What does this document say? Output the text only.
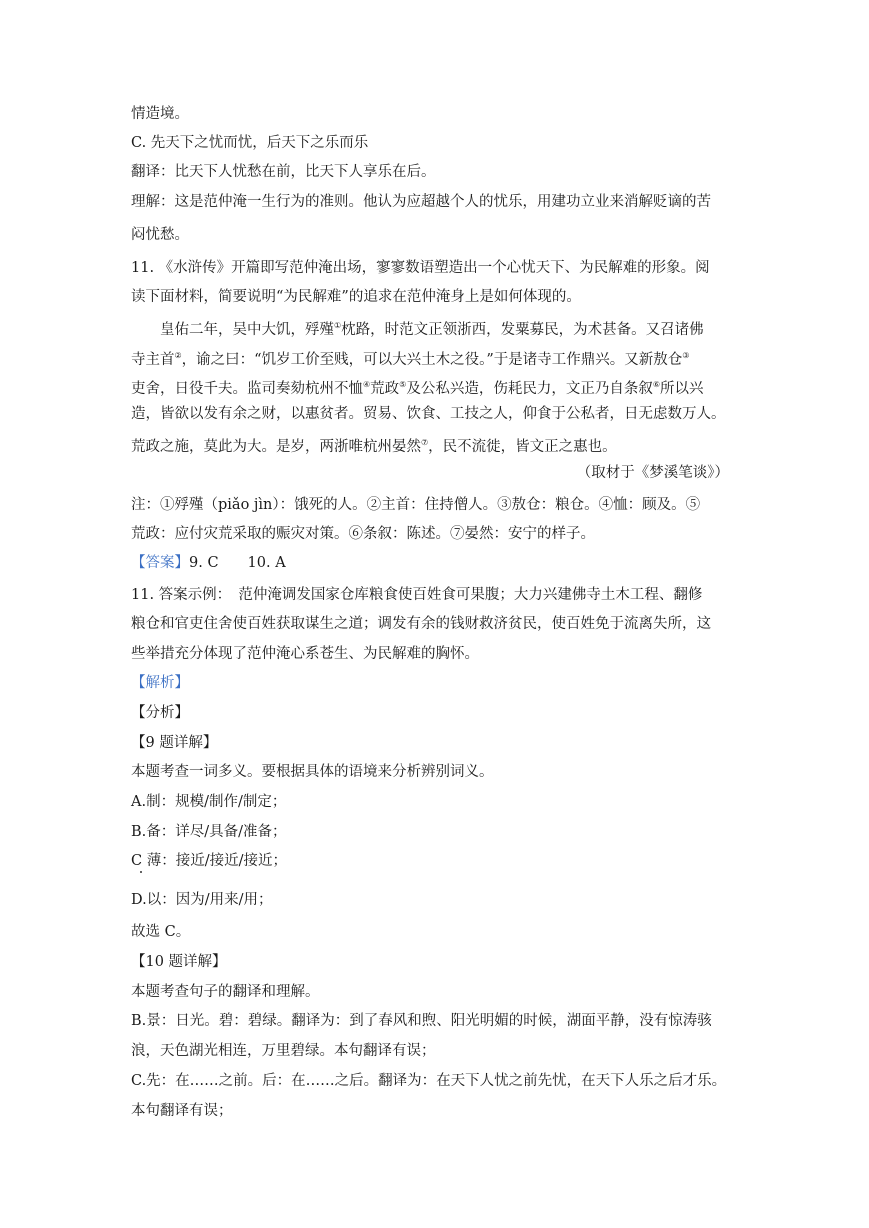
情造境。
C. 先天下之忧而忧，后天下之乐而乐
翻译：比天下人忧愁在前，比天下人享乐在后。
理解：这是范仲淹一生行为的准则。他认为应超越个人的忧乐，用建功立业来消解贬谪的苦
闷忧愁。
11. 《水浒传》开篇即写范仲淹出场，寥寥数语塑造出一个心忧天下、为民解难的形象。阅
读下面材料，简要说明“为民解难”的追求在范仲淹身上是如何体现的。
皇佑二年，吴中大饥，殍殣①枕路，时范文正领浙西，发粟募民，为术甚备。又召诸佛
寺主首②，谕之曰：“饥岁工价至贱，可以大兴土木之役。”于是诸寺工作鼎兴。又新敖仓③
吏舍，日役千夫。监司奏劾杭州不恤④荒政⑤及公私兴造，伤耗民力，文正乃自条叙⑥所以兴
造，皆欲以发有余之财，以惠贫者。贸易、饮食、工技之人，仰食于公私者，日无虑数万人。
荒政之施，莫此为大。是岁，两浙唯杭州晏然⑦，民不流徙，皆文正之惠也。
（取材于《梦溪笔谈》）
注：①殍殣（piǎo jìn）：饿死的人。②主首：住持僧人。③敖仓：粮仓。④恤：顾及。⑤
荒政：应付灾荒采取的赈灾对策。⑥条叙：陈述。⑦晏然：安宁的样子。
【答案】9. C　　10. A
11. 答案示例：　范仲淹调发国家仓库粮食使百姓食可果腹；大力兴建佛寺土木工程、翻修
粮仓和官吏住舍使百姓获取谋生之道；调发有余的钱财救济贫民，使百姓免于流离失所，这
些举措充分体现了范仲淹心系苍生、为民解难的胸怀。
【解析】
【分析】
【9 题详解】
本题考查一词多义。要根据具体的语境来分析辨别词义。
A.制：规模/制作/制定；
B.备：详尽/具备/准备；
C 薄：接近/接近/接近；
D.以：因为/用来/用；
故选 C。
【10 题详解】
本题考查句子的翻译和理解。
B.景：日光。碧：碧绿。翻译为：到了春风和煦、阳光明媚的时候，湖面平静，没有惊涛骇
浪，天色湖光相连，万里碧绿。本句翻译有误；
C.先：在……之前。后：在……之后。翻译为：在天下人忧之前先忧，在天下人乐之后才乐。
本句翻译有误；
